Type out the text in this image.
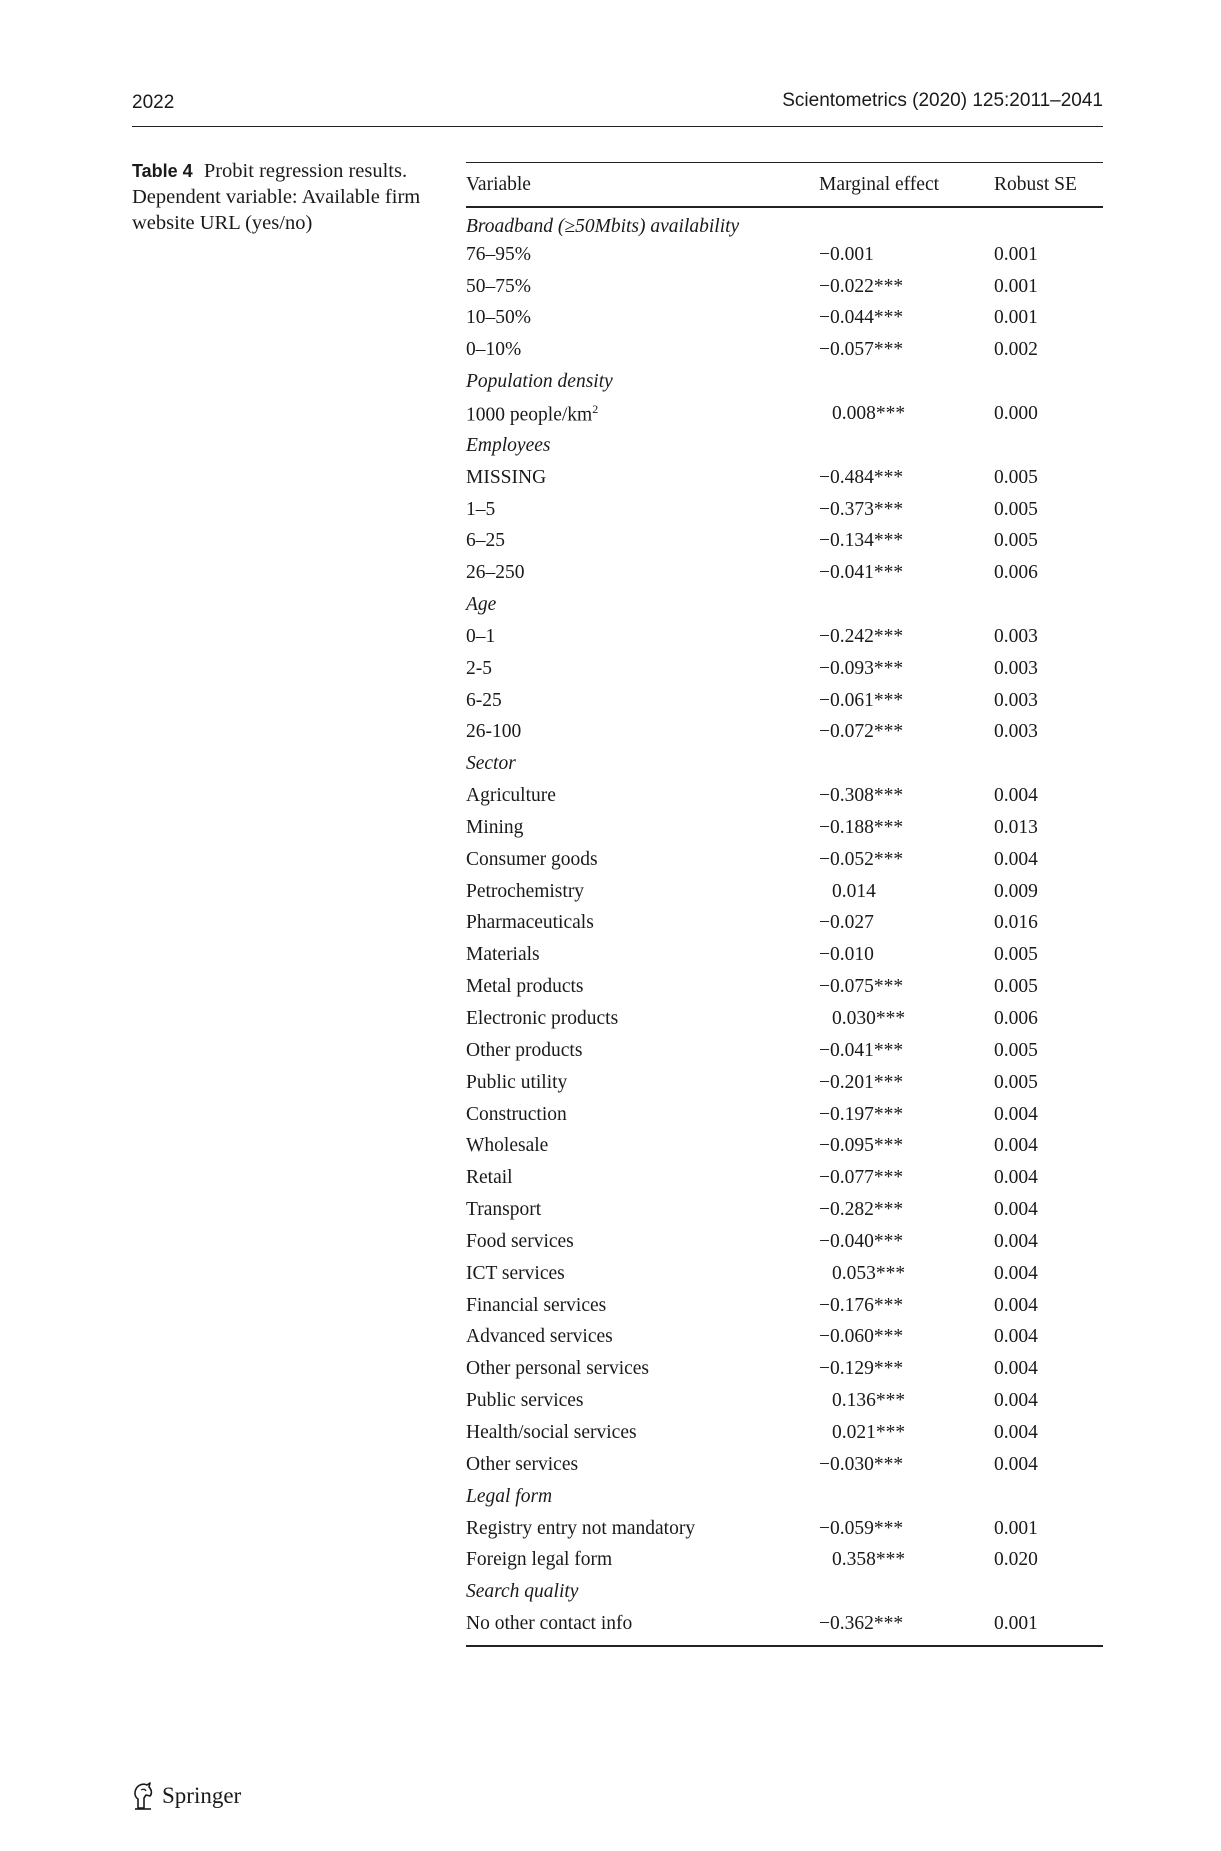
2022	Scientometrics (2020) 125:2011–2041
Table 4 Probit regression results. Dependent variable: Available firm website URL (yes/no)
Variable	Marginal effect	Robust SE
Broadband (≥50Mbits) availability		
76–95%	−0.001	0.001
50–75%	−0.022***	0.001
10–50%	−0.044***	0.001
0–10%	−0.057***	0.002
Population density		
1000 people/$km^2$	0.008***	0.000
Employees		
MISSING	−0.484***	0.005
1–5	−0.373***	0.005
6–25	−0.134***	0.005
26–250	−0.041***	0.006
Age		
0–1	−0.242***	0.003
2-5	−0.093***	0.003
6-25	−0.061***	0.003
26-100	−0.072***	0.003
Sector		
Agriculture	−0.308***	0.004
Mining	−0.188***	0.013
Consumer goods	−0.052***	0.004
Petrochemistry	0.014	0.009
Pharmaceuticals	−0.027	0.016
Materials	−0.010	0.005
Metal products	−0.075***	0.005
Electronic products	0.030***	0.006
Other products	−0.041***	0.005
Public utility	−0.201***	0.005
Construction	−0.197***	0.004
Wholesale	−0.095***	0.004
Retail	−0.077***	0.004
Transport	−0.282***	0.004
Food services	−0.040***	0.004
ICT services	0.053***	0.004
Financial services	−0.176***	0.004
Advanced services	−0.060***	0.004
Other personal services	−0.129***	0.004
Public services	0.136***	0.004
Health/social services	0.021***	0.004
Other services	−0.030***	0.004
Legal form		
Registry entry not mandatory	−0.059***	0.001
Foreign legal form	0.358***	0.020
Search quality		
No other contact info	−0.362***	0.001
Springer
